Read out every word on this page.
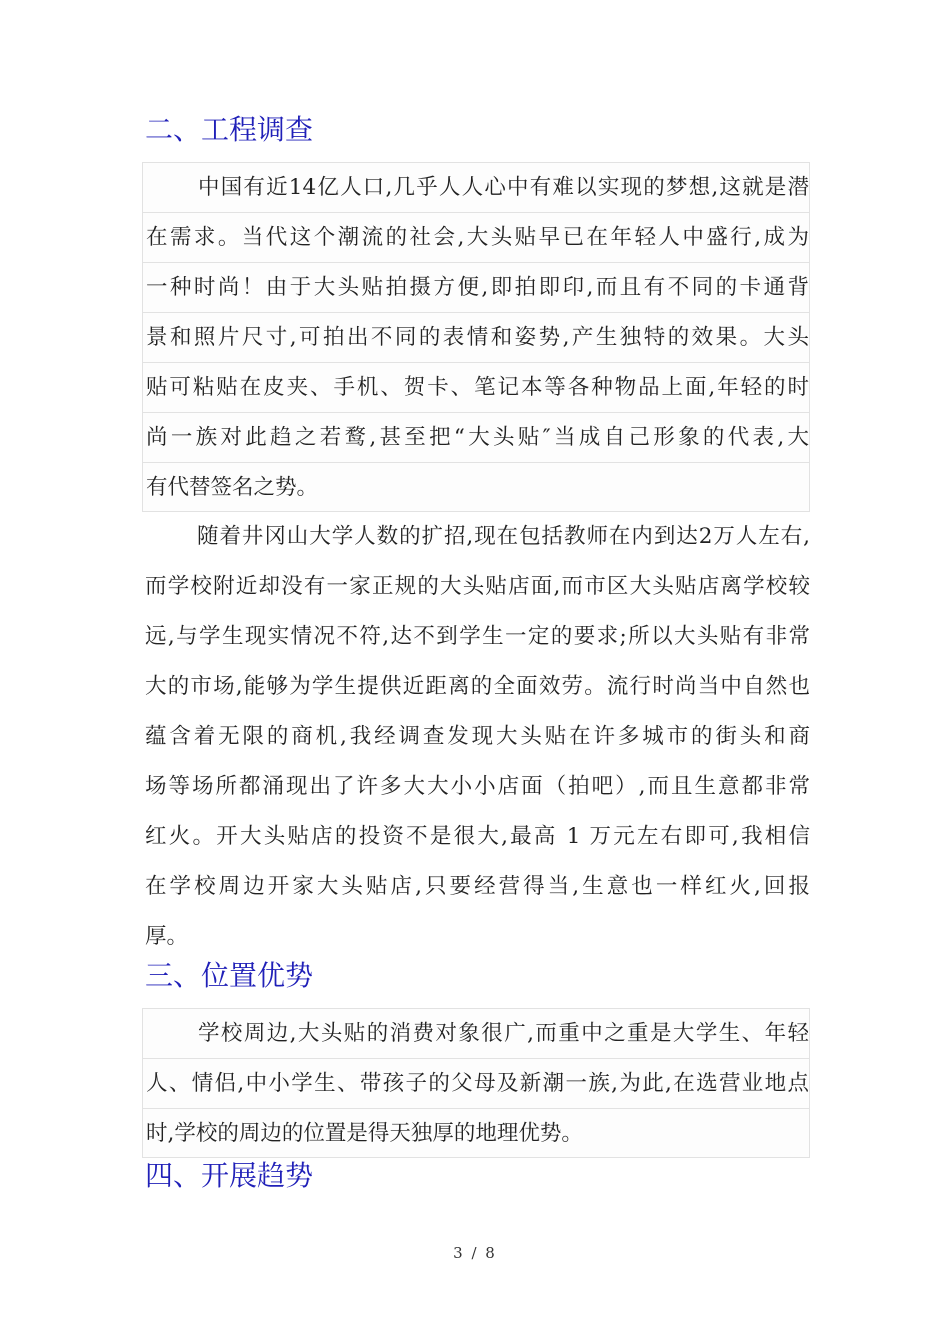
二、工程调查
中国有近14亿人口,几乎人人心中有难以实现的梦想,这就是潜
在需求。当代这个潮流的社会,大头贴早已在年轻人中盛行,成为
一种时尚！由于大头贴拍摄方便,即拍即印,而且有不同的卡通背
景和照片尺寸,可拍出不同的表情和姿势,产生独特的效果。大头
贴可粘贴在皮夹、手机、贺卡、笔记本等各种物品上面,年轻的时
尚一族对此趋之若鹜,甚至把“大头贴″当成自己形象的代表,大
有代替签名之势。
随着井冈山大学人数的扩招,现在包括教师在内到达2万人左右,
而学校附近却没有一家正规的大头贴店面,而市区大头贴店离学校较
远,与学生现实情况不符,达不到学生一定的要求;所以大头贴有非常
大的市场,能够为学生提供近距离的全面效劳。流行时尚当中自然也
蕴含着无限的商机,我经调查发现大头贴在许多城市的街头和商
场等场所都涌现出了许多大大小小店面（拍吧）,而且生意都非常
红火。开大头贴店的投资不是很大,最高 1 万元左右即可,我相信
在学校周边开家大头贴店,只要经营得当,生意也一样红火,回报
厚。
三、位置优势
学校周边,大头贴的消费对象很广,而重中之重是大学生、年轻
人、情侣,中小学生、带孩子的父母及新潮一族,为此,在选营业地点
时,学校的周边的位置是得天独厚的地理优势。
四、开展趋势
3 / 8
